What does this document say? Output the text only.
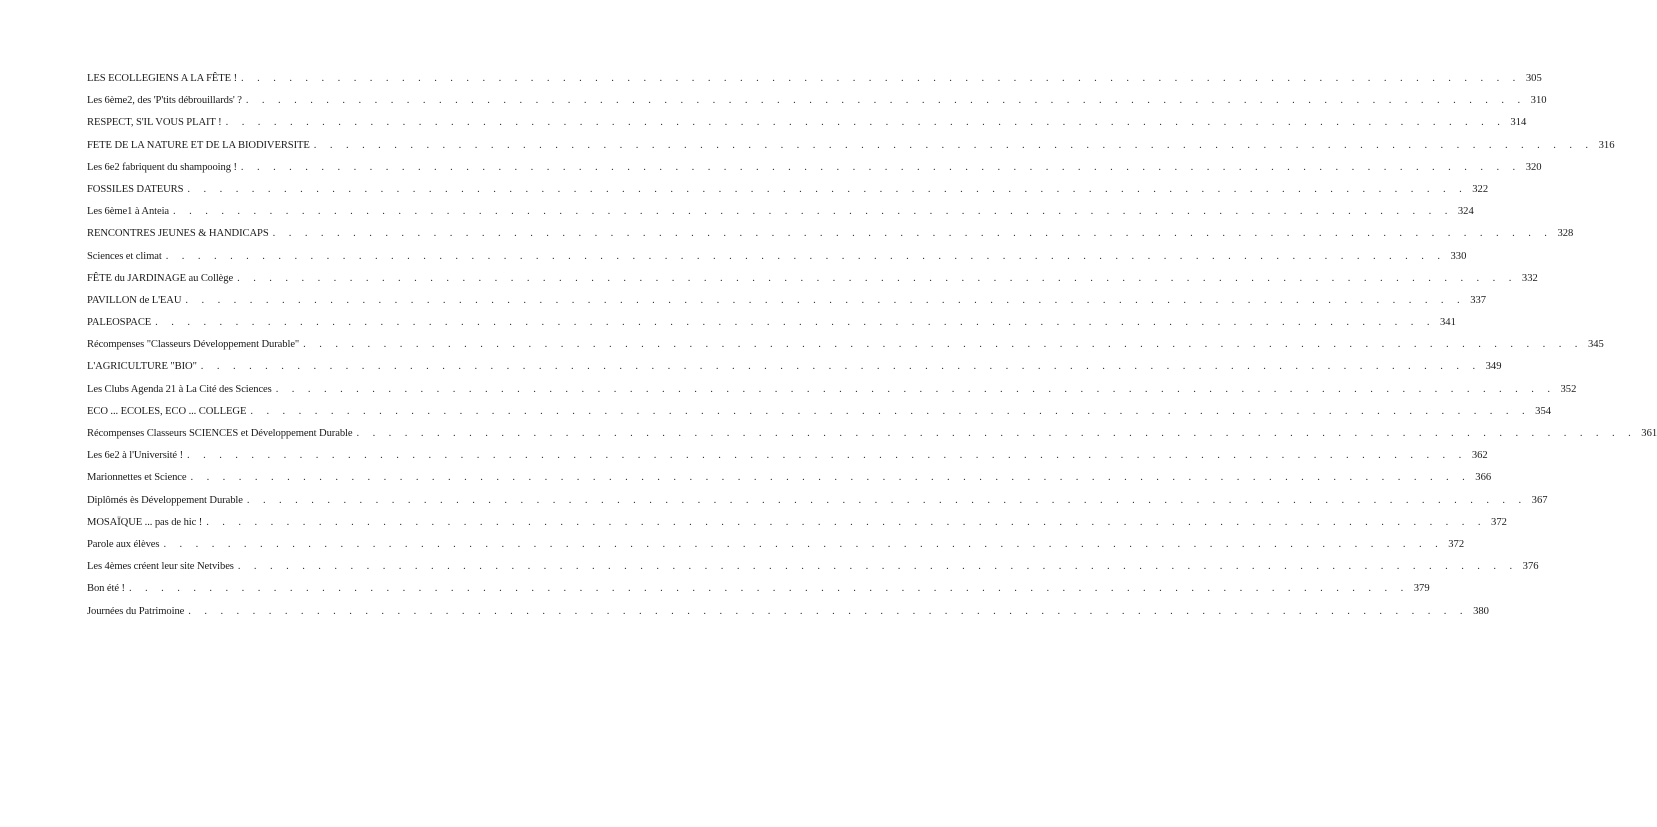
LES ECOLLEGIENS A LA FÊTE ! . . . . . . . . . . . . . . . . . . . . . . . . . . . . . . . . . . . . . . . . . . . . . . . . . . . . . . . . . . . . . . . . . . . . . . . . . . . . . . . . 305
Les 6ème2, des 'P'tits débrouillards' ? . . . . . . . . . . . . . . . . . . . . . . . . . . . . . . . . . . . . . . . . . . . . . . . . . . . . . . . . . . . . . . . . . . . . . . . . . . . . . . . . 310
RESPECT, S'IL VOUS PLAIT ! . . . . . . . . . . . . . . . . . . . . . . . . . . . . . . . . . . . . . . . . . . . . . . . . . . . . . . . . . . . . . . . . . . . . . . . . . . . . . . . . 314
FETE DE LA NATURE ET DE LA BIODIVERSITE . . . . . . . . . . . . . . . . . . . . . . . . . . . . . . . . . . . . . . . . . . . . . . . . . . . . . . . . . . . . . . . . . . . . . . . . . . . . . . . . 316
Les 6e2 fabriquent du shampooing ! . . . . . . . . . . . . . . . . . . . . . . . . . . . . . . . . . . . . . . . . . . . . . . . . . . . . . . . . . . . . . . . . . . . . . . . . . . . . . . . . 320
FOSSILES DATEURS . . . . . . . . . . . . . . . . . . . . . . . . . . . . . . . . . . . . . . . . . . . . . . . . . . . . . . . . . . . . . . . . . . . . . . . . . . . . . . . . 322
Les 6ème1 à Anteia . . . . . . . . . . . . . . . . . . . . . . . . . . . . . . . . . . . . . . . . . . . . . . . . . . . . . . . . . . . . . . . . . . . . . . . . . . . . . . . . 324
RENCONTRES JEUNES & HANDICAPS . . . . . . . . . . . . . . . . . . . . . . . . . . . . . . . . . . . . . . . . . . . . . . . . . . . . . . . . . . . . . . . . . . . . . . . . . . . . . . . . 328
Sciences et climat . . . . . . . . . . . . . . . . . . . . . . . . . . . . . . . . . . . . . . . . . . . . . . . . . . . . . . . . . . . . . . . . . . . . . . . . . . . . . . . . 330
FÊTE du JARDINAGE au Collège . . . . . . . . . . . . . . . . . . . . . . . . . . . . . . . . . . . . . . . . . . . . . . . . . . . . . . . . . . . . . . . . . . . . . . . . . . . . . . . . 332
PAVILLON de L'EAU . . . . . . . . . . . . . . . . . . . . . . . . . . . . . . . . . . . . . . . . . . . . . . . . . . . . . . . . . . . . . . . . . . . . . . . . . . . . . . . . 337
PALEOSPACE . . . . . . . . . . . . . . . . . . . . . . . . . . . . . . . . . . . . . . . . . . . . . . . . . . . . . . . . . . . . . . . . . . . . . . . . . . . . . . . . 341
Récompenses "Classeurs Développement Durable" . . . . . . . . . . . . . . . . . . . . . . . . . . . . . . . . . . . . . . . . . . . . . . . . . . . . . . . . . . . . . . . . . . . . . . . . . . . . . . . . 345
L'AGRICULTURE "BIO" . . . . . . . . . . . . . . . . . . . . . . . . . . . . . . . . . . . . . . . . . . . . . . . . . . . . . . . . . . . . . . . . . . . . . . . . . . . . . . . . 349
Les Clubs Agenda 21 à La Cité des Sciences . . . . . . . . . . . . . . . . . . . . . . . . . . . . . . . . . . . . . . . . . . . . . . . . . . . . . . . . . . . . . . . . . . . . . . . . . . . . . . . . 352
ECO ... ECOLES, ECO ... COLLEGE . . . . . . . . . . . . . . . . . . . . . . . . . . . . . . . . . . . . . . . . . . . . . . . . . . . . . . . . . . . . . . . . . . . . . . . . . . . . . . . . 354
Récompenses Classeurs SCIENCES et Développement Durable . . . . . . . . . . . . . . . . . . . . . . . . . . . . . . . . . . . . . . . . . . . . . . . . . . . . . . . . . . . . . . . . . . . . . . . . . . . . . . . . 361
Les 6e2 à l'Université ! . . . . . . . . . . . . . . . . . . . . . . . . . . . . . . . . . . . . . . . . . . . . . . . . . . . . . . . . . . . . . . . . . . . . . . . . . . . . . . . . 362
Marionnettes et Science . . . . . . . . . . . . . . . . . . . . . . . . . . . . . . . . . . . . . . . . . . . . . . . . . . . . . . . . . . . . . . . . . . . . . . . . . . . . . . . . 366
Diplômés ès Développement Durable . . . . . . . . . . . . . . . . . . . . . . . . . . . . . . . . . . . . . . . . . . . . . . . . . . . . . . . . . . . . . . . . . . . . . . . . . . . . . . . . 367
MOSAÏQUE ... pas de hic ! . . . . . . . . . . . . . . . . . . . . . . . . . . . . . . . . . . . . . . . . . . . . . . . . . . . . . . . . . . . . . . . . . . . . . . . . . . . . . . . . 372
Parole aux élèves . . . . . . . . . . . . . . . . . . . . . . . . . . . . . . . . . . . . . . . . . . . . . . . . . . . . . . . . . . . . . . . . . . . . . . . . . . . . . . . . 372
Les 4èmes créent leur site Netvibes . . . . . . . . . . . . . . . . . . . . . . . . . . . . . . . . . . . . . . . . . . . . . . . . . . . . . . . . . . . . . . . . . . . . . . . . . . . . . . . . 376
Bon été ! . . . . . . . . . . . . . . . . . . . . . . . . . . . . . . . . . . . . . . . . . . . . . . . . . . . . . . . . . . . . . . . . . . . . . . . . . . . . . . . . 379
Journées du Patrimoine . . . . . . . . . . . . . . . . . . . . . . . . . . . . . . . . . . . . . . . . . . . . . . . . . . . . . . . . . . . . . . . . . . . . . . . . . . . . . . . . 380
